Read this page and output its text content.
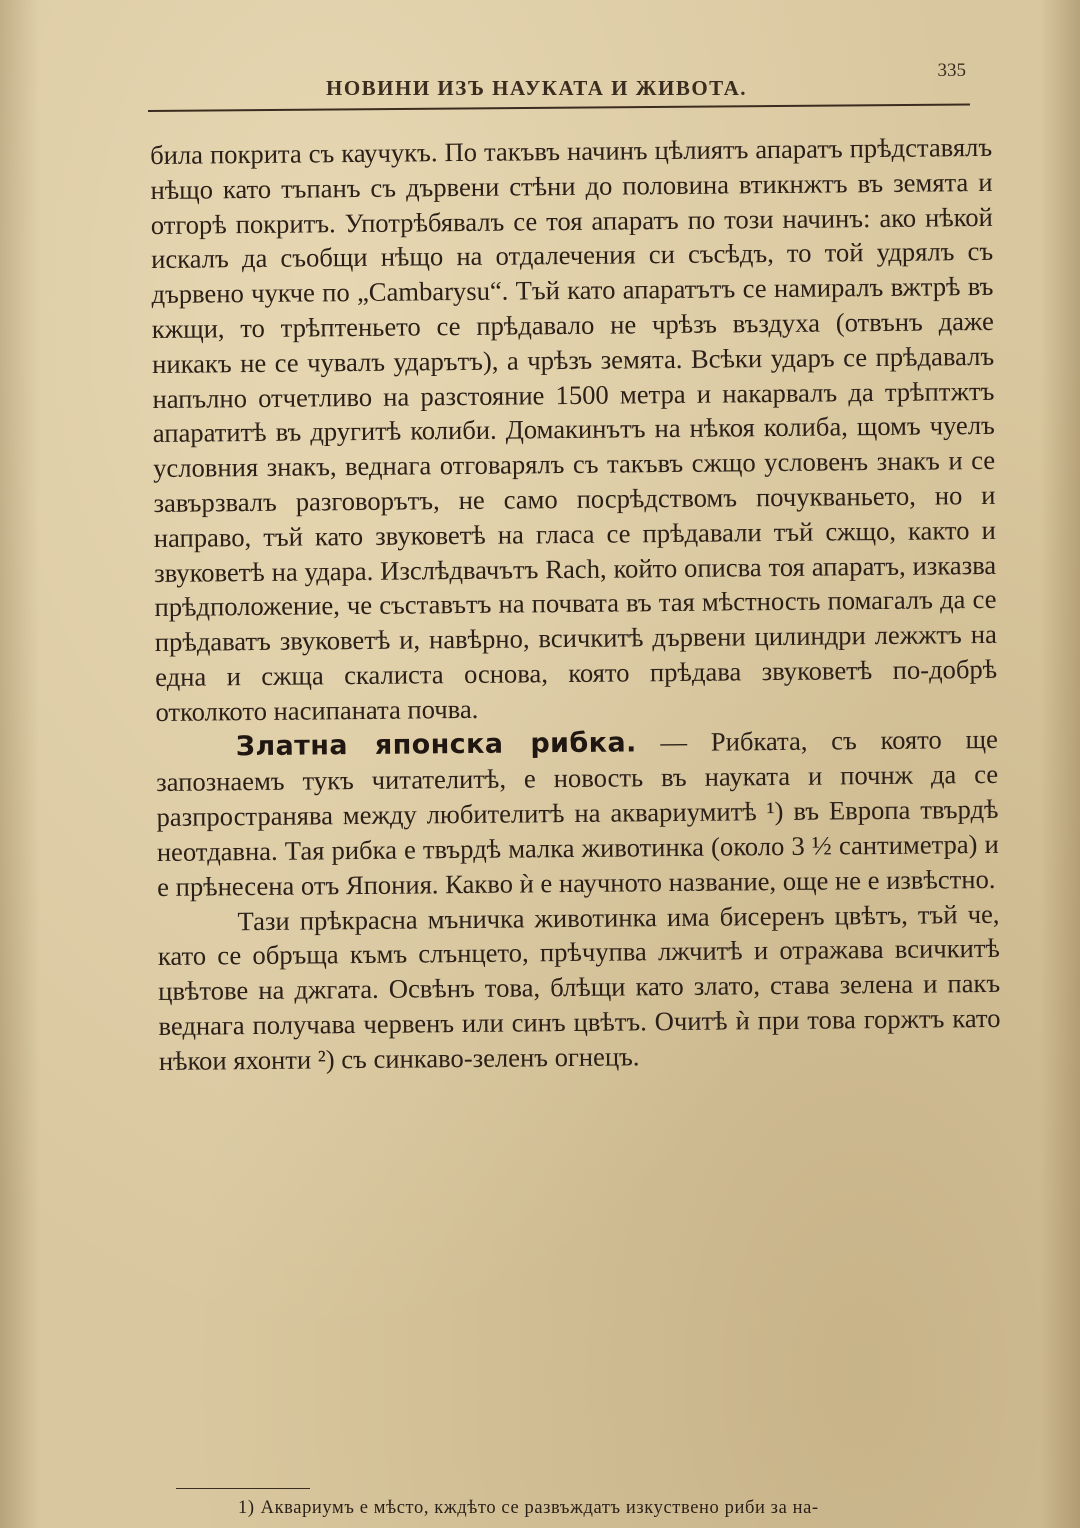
НОВИНИ ИЗЪ НАУКАТА И ЖИВОТА.
335

била покрита съ каучукъ. По такъвъ начинъ цѣлиятъ апаратъ прѣдставялъ нѣщо като тъпанъ съ дървени стѣни до половина втикнжтъ въ земята и отгорѣ покритъ. Употрѣбявалъ се тоя апаратъ по този начинъ: ако нѣкой искалъ да съобщи нѣщо на отдалечения си съсѣдъ, то той удрялъ съ дървено чукче по „Cambarysu“. Тъй като апаратътъ се намиралъ вжтрѣ въ кжщи, то трѣптеньето се прѣдавало не чрѣзъ въздуха (отвънъ даже никакъ не се чувалъ ударътъ), а чрѣзъ земята. Всѣки ударъ се прѣдавалъ напълно отчетливо на разстояние 1500 метра и накарвалъ да трѣптжтъ апаратитѣ въ другитѣ колиби. Домакинътъ на нѣкоя колиба, щомъ чуелъ условния знакъ, веднага отговарялъ съ такъвъ сжщо условенъ знакъ и се завързвалъ разговорътъ, не само посрѣдствомъ почукваньето, но и направо, тъй като звуковетѣ на гласа се прѣдавали тъй сжщо, както и звуковетѣ на удара. Изслѣдвачътъ Rach, който описва тоя апаратъ, изказва прѣдположение, че съставътъ на почвата въ тая мѣстность помагалъ да се прѣдаватъ звуковетѣ и, навѣрно, всичкитѣ дървени цилиндри лежжтъ на една и сжща скалиста основа, която прѣдава звуковетѣ по-добрѣ отколкото насипаната почва.

Златна японска рибка. — Рибката, съ която ще запознаемъ тукъ читателитѣ, е новость въ науката и почнж да се разпространява между любителитѣ на аквариумитѣ ¹) въ Европа твърдѣ неотдавна. Тая рибка е твърдѣ малка животинка (около 3 ½ сантиметра) и е прѣнесена отъ Япония. Какво ѝ е научното название, още не е извѣстно.

Тази прѣкрасна мъничка животинка има бисеренъ цвѣтъ, тъй че, като се обръща къмъ слънцето, прѣчупва лжчитѣ и отражава всичкитѣ цвѣтове на джгата. Освѣнъ това, блѣщи като злато, става зелена и пакъ веднага получава червенъ или синъ цвѣтъ. Очитѣ ѝ при това горжтъ като нѣкои яхонти ²) съ синкаво-зеленъ огнецъ.

1) Аквариумъ е мѣсто, кждѣто се развъждатъ изкуствено риби за на-
